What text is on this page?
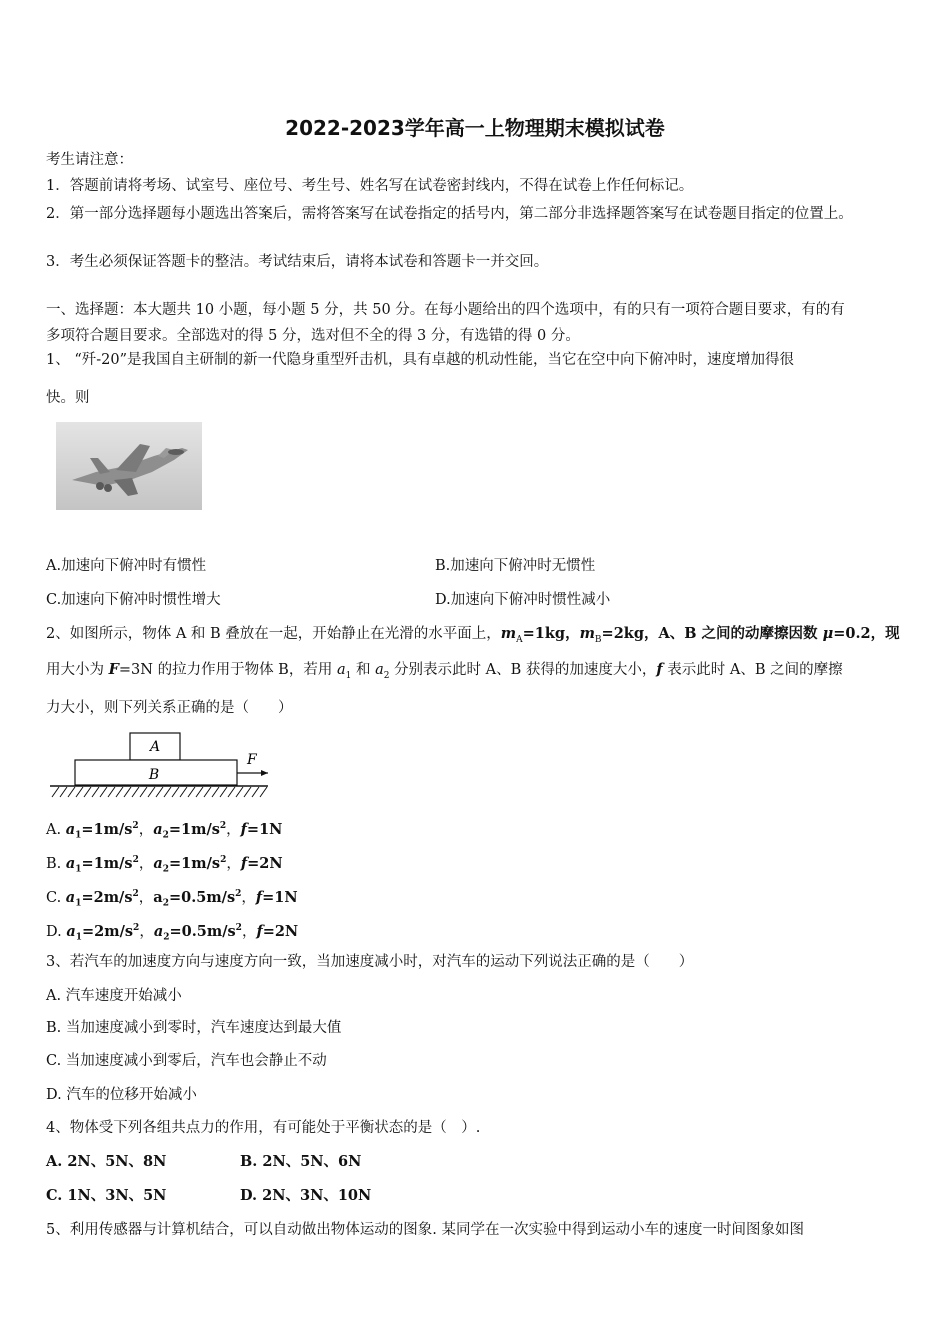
2022-2023学年高一上物理期末模拟试卷
考生请注意：
1．答题前请将考场、试室号、座位号、考生号、姓名写在试卷密封线内，不得在试卷上作任何标记。
2．第一部分选择题每小题选出答案后，需将答案写在试卷指定的括号内，第二部分非选择题答案写在试卷题目指定的位置上。
3．考生必须保证答题卡的整洁。考试结束后，请将本试卷和答题卡一并交回。
一、选择题：本大题共 10 小题，每小题 5 分，共 50 分。在每小题给出的四个选项中，有的只有一项符合题目要求，有的有
多项符合题目要求。全部选对的得 5 分，选对但不全的得 3 分，有选错的得 0 分。
1、 “歼-20”是我国自主研制的新一代隐身重型歼击机，具有卓越的机动性能，当它在空中向下俯冲时，速度增加得很
快。则
A.加速向下俯冲时有惯性	B.加速向下俯冲时无惯性
C.加速向下俯冲时惯性增大	D.加速向下俯冲时惯性减小
2、如图所示，物体 A 和 B 叠放在一起，开始静止在光滑的水平面上，$m_A=1kg$，$m_B=2kg$，A、B 之间的动摩擦因数 μ=0.2，现
用大小为 F=3N 的拉力作用于物体 B，若用 $a_1$ 和 $a_2$ 分别表示此时 A、B 获得的加速度大小，f 表示此时 A、B 之间的摩擦
力大小，则下列关系正确的是（　　）
A
B
F
A. $a_1=1m/s^2$，$a_2=1m/s^2$，f=1N
B. $a_1=1m/s^2$，$a_2=1m/s^2$，f=2N
C. $a_1=2m/s^2$，$a_2=0.5m/s^2$，f=1N
D. $a_1=2m/s^2$，$a_2=0.5m/s^2$，f=2N
3、若汽车的加速度方向与速度方向一致，当加速度减小时，对汽车的运动下列说法正确的是（　　）
A. 汽车速度开始减小
B. 当加速度减小到零时，汽车速度达到最大值
C. 当加速度减小到零后，汽车也会静止不动
D. 汽车的位移开始减小
4、物体受下列各组共点力的作用，有可能处于平衡状态的是（　）.
A. 2N、5N、8N	B. 2N、5N、6N
C. 1N、3N、5N	D. 2N、3N、10N
5、利用传感器与计算机结合，可以自动做出物体运动的图象. 某同学在一次实验中得到运动小车的速度一时间图象如图
